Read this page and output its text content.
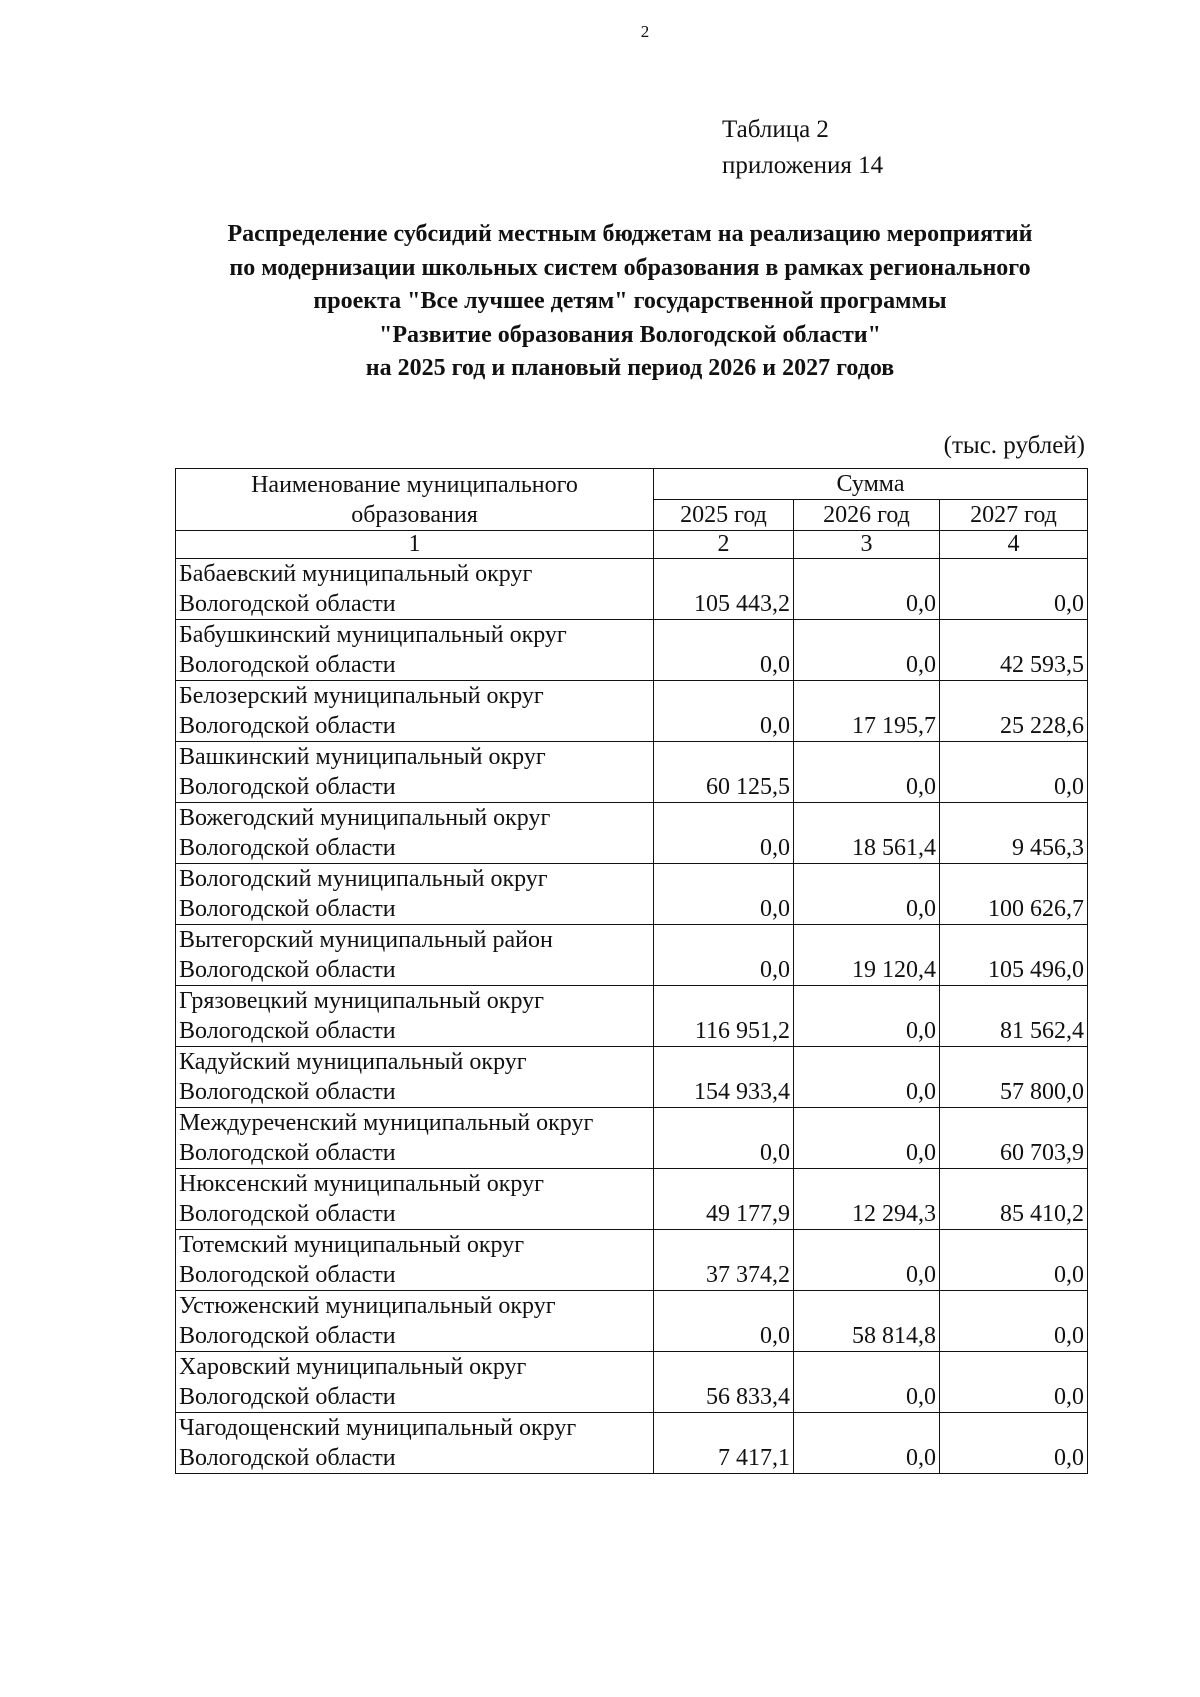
2
Таблица 2
приложения 14
Распределение субсидий местным бюджетам на реализацию мероприятий
по модернизации школьных систем образования в рамках регионального
проекта "Все лучшее детям" государственной программы
"Развитие образования Вологодской области"
на 2025 год и плановый период 2026 и 2027 годов
(тыс. рублей)
Наименование муниципального
образования	Сумма		
	2025 год	2026 год	2027 год
1	2	3	4

Бабаевский муниципальный округ
Вологодской области	105 443,2	0,0	0,0

Бабушкинский муниципальный округ
Вологодской области	0,0	0,0	42 593,5

Белозерский муниципальный округ
Вологодской области	0,0	17 195,7	25 228,6

Вашкинский муниципальный округ
Вологодской области	60 125,5	0,0	0,0

Вожегодский муниципальный округ
Вологодской области	0,0	18 561,4	9 456,3

Вологодский муниципальный округ
Вологодской области	0,0	0,0	100 626,7

Вытегорский муниципальный район
Вологодской области	0,0	19 120,4	105 496,0

Грязовецкий муниципальный округ
Вологодской области	116 951,2	0,0	81 562,4

Кадуйский муниципальный округ
Вологодской области	154 933,4	0,0	57 800,0

Междуреченский муниципальный округ
Вологодской области	0,0	0,0	60 703,9

Нюксенский муниципальный округ
Вологодской области	49 177,9	12 294,3	85 410,2

Тотемский муниципальный округ
Вологодской области	37 374,2	0,0	0,0

Устюженский муниципальный округ
Вологодской области	0,0	58 814,8	0,0

Харовский муниципальный округ
Вологодской области	56 833,4	0,0	0,0

Чагодощенский муниципальный округ
Вологодской области	7 417,1	0,0	0,0
